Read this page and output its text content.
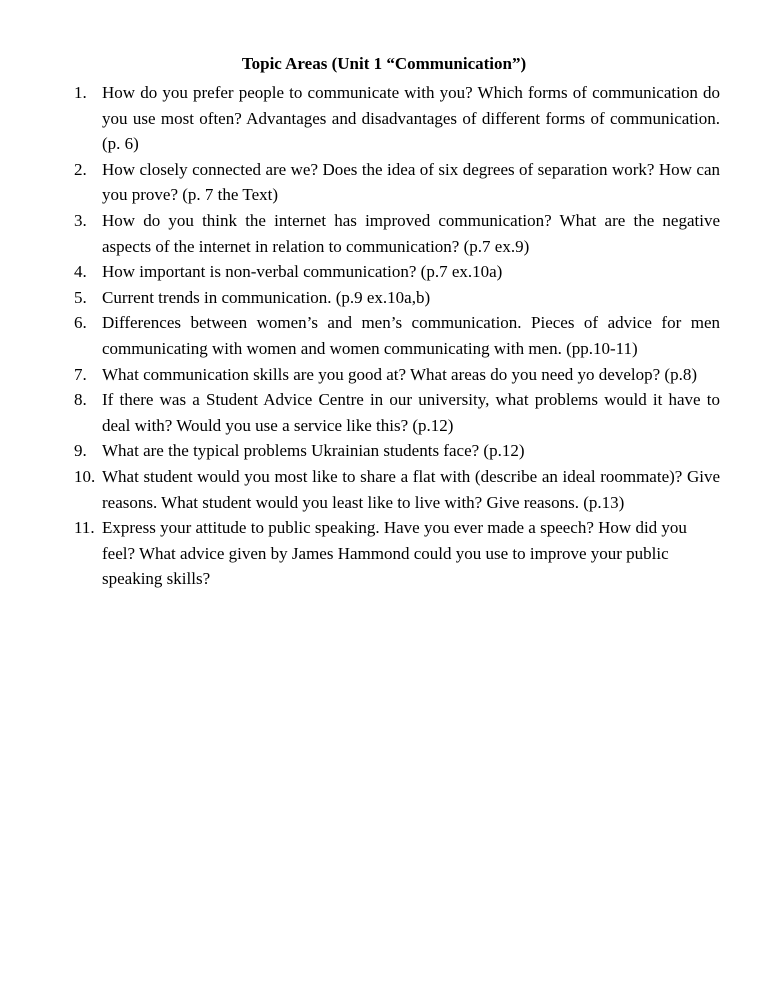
Topic Areas (Unit 1 “Communication”)
1. How do you prefer people to communicate with you? Which forms of communication do you use most often? Advantages and disadvantages of different forms of communication. (p. 6)
2. How closely connected are we? Does the idea of six degrees of separation work? How can you prove? (p. 7 the Text)
3. How do you think the internet has improved communication? What are the negative aspects of the internet in relation to communication? (p.7 ex.9)
4. How important is non-verbal communication? (p.7 ex.10a)
5. Current trends in communication. (p.9 ex.10a,b)
6. Differences between women’s and men’s communication. Pieces of advice for men communicating with women and women communicating with men. (pp.10-11)
7. What communication skills are you good at? What areas do you need yo develop? (p.8)
8. If there was a Student Advice Centre in our university, what problems would it have to deal with? Would you use a service like this? (p.12)
9. What are the typical problems Ukrainian students face? (p.12)
10. What student would you most like to share a flat with (describe an ideal roommate)? Give reasons. What student would you least like to live with? Give reasons. (p.13)
11. Express your attitude to public speaking. Have you ever made a speech? How did you feel? What advice given by James Hammond could you use to improve your public speaking skills?
